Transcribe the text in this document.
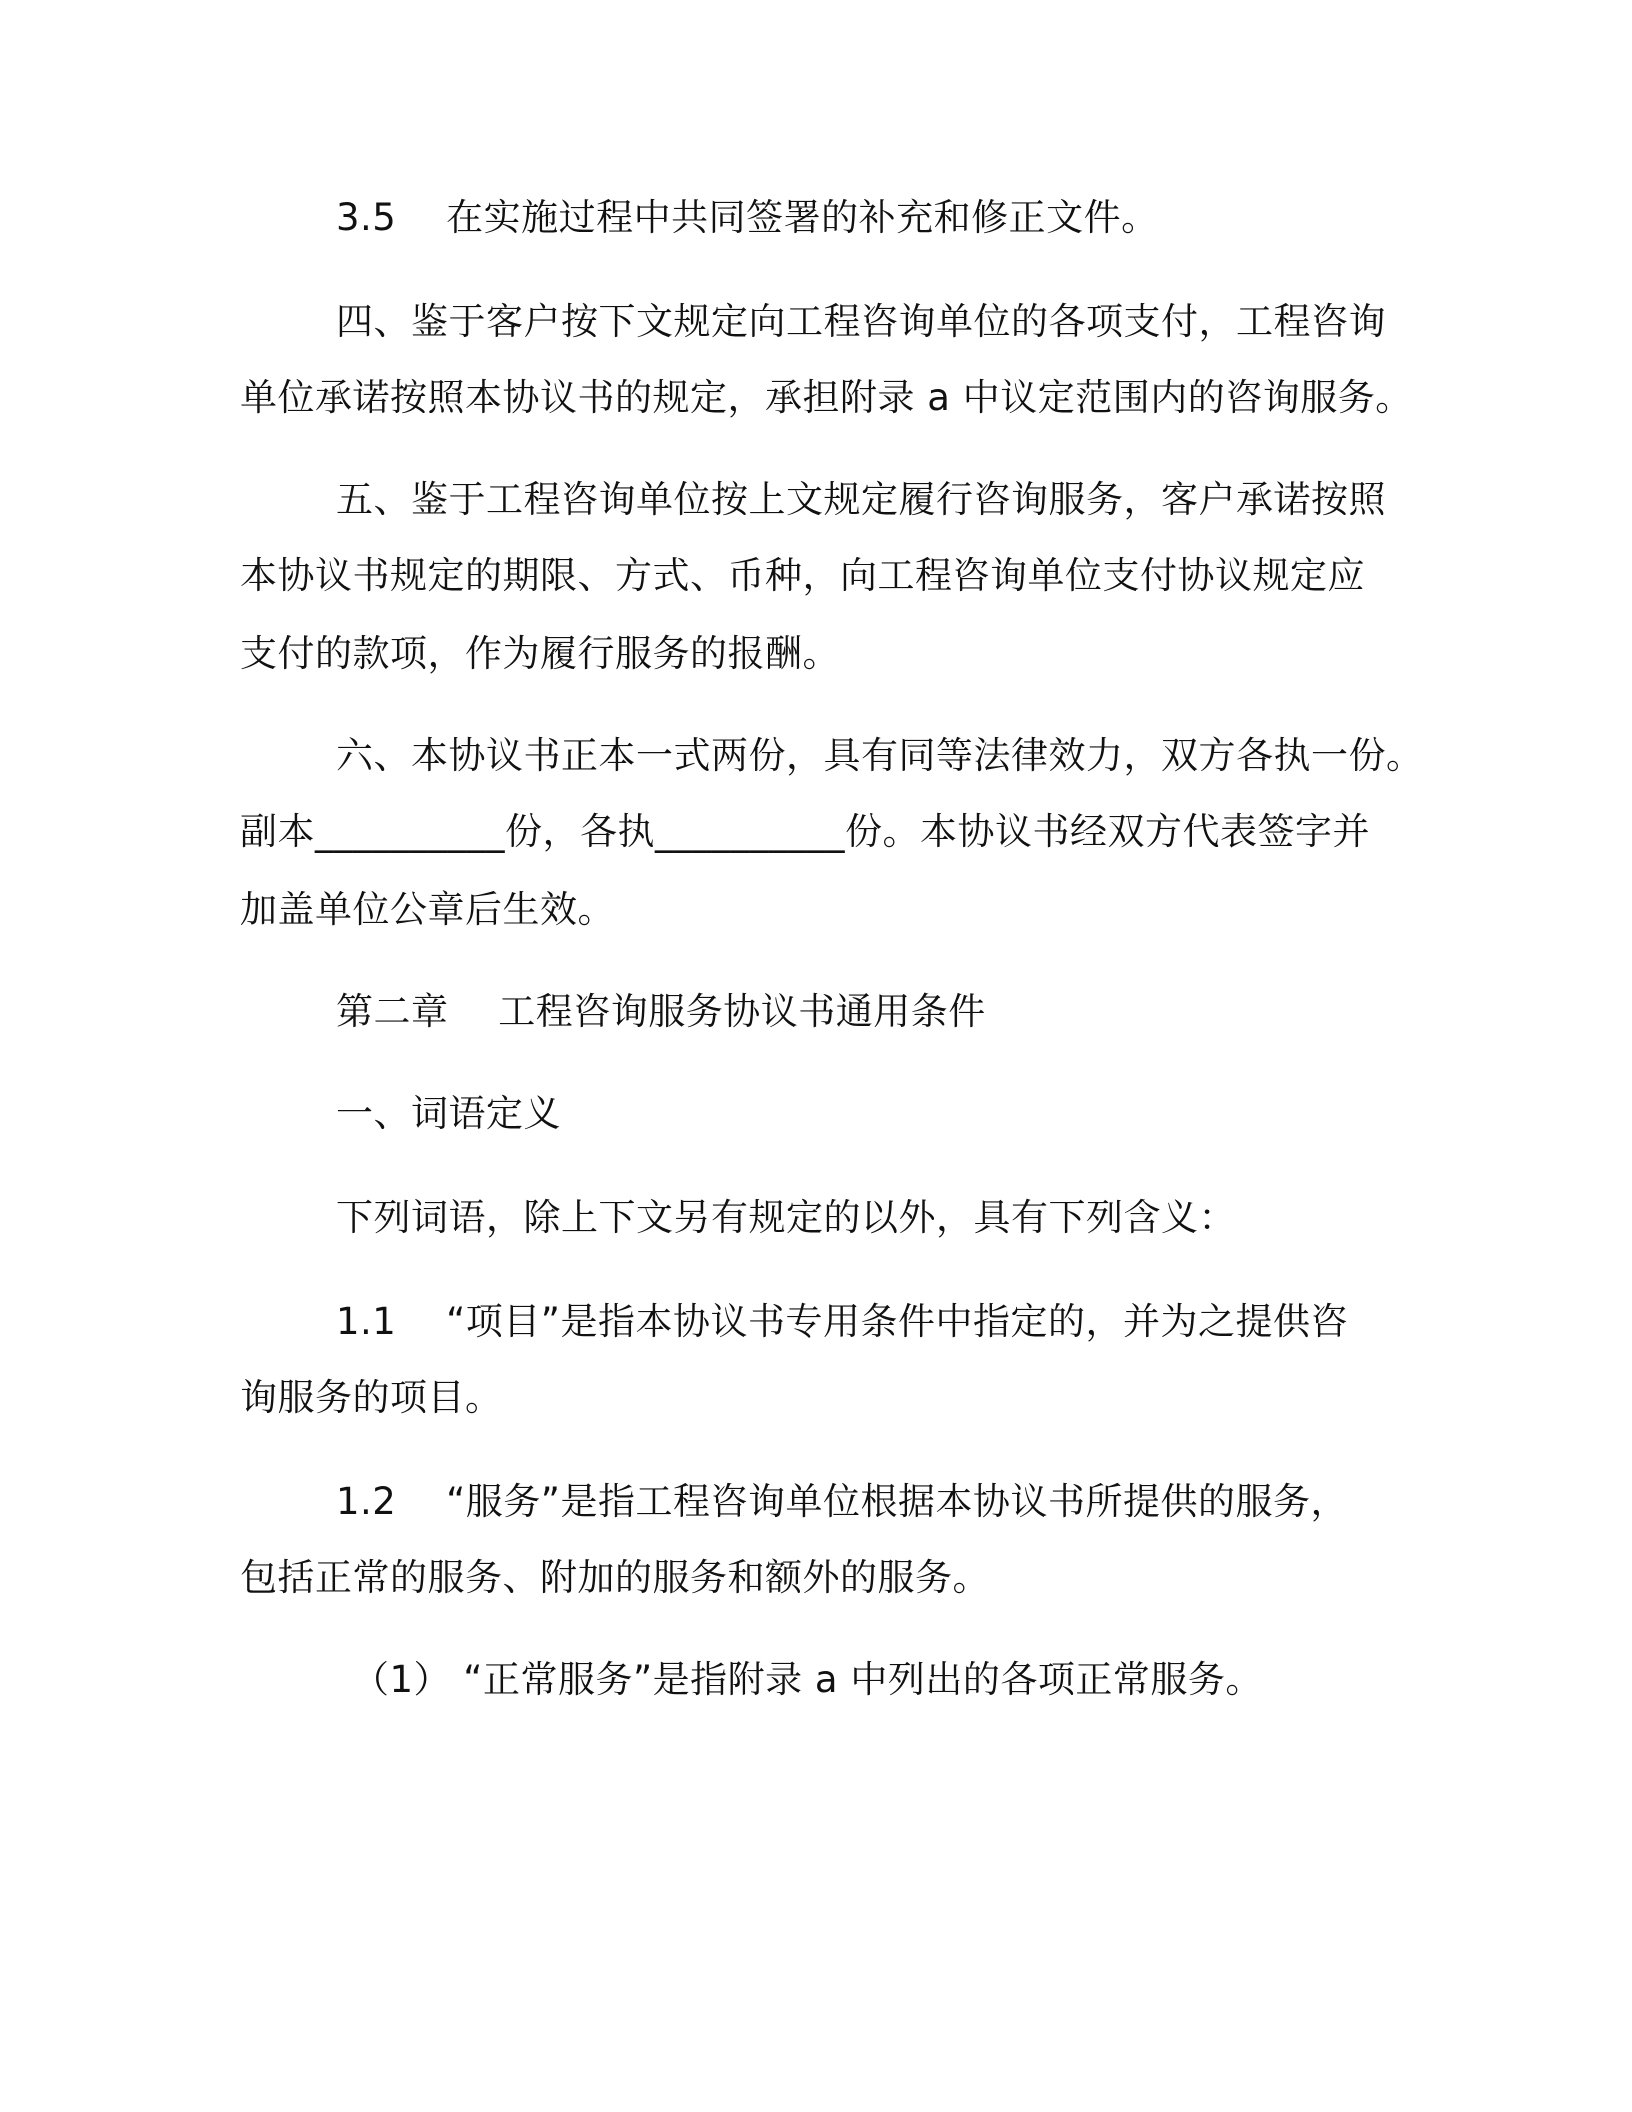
3.5　 在实施过程中共同签署的补充和修正文件。
四、鉴于客户按下文规定向工程咨询单位的各项支付，工程咨询
单位承诺按照本协议书的规定，承担附录 a 中议定范围内的咨询服务。
五、鉴于工程咨询单位按上文规定履行咨询服务，客户承诺按照
本协议书规定的期限、方式、币种，向工程咨询单位支付协议规定应
支付的款项，作为履行服务的报酬。
六、本协议书正本一式两份，具有同等法律效力，双方各执一份。
副本__________份，各执__________份。本协议书经双方代表签字并
加盖单位公章后生效。
第二章　 工程咨询服务协议书通用条件
一、词语定义
下列词语，除上下文另有规定的以外，具有下列含义：
1.1　 “项目”是指本协议书专用条件中指定的，并为之提供咨
询服务的项目。
1.2　 “服务”是指工程咨询单位根据本协议书所提供的服务，
包括正常的服务、附加的服务和额外的服务。
（1） “正常服务”是指附录 a 中列出的各项正常服务。
